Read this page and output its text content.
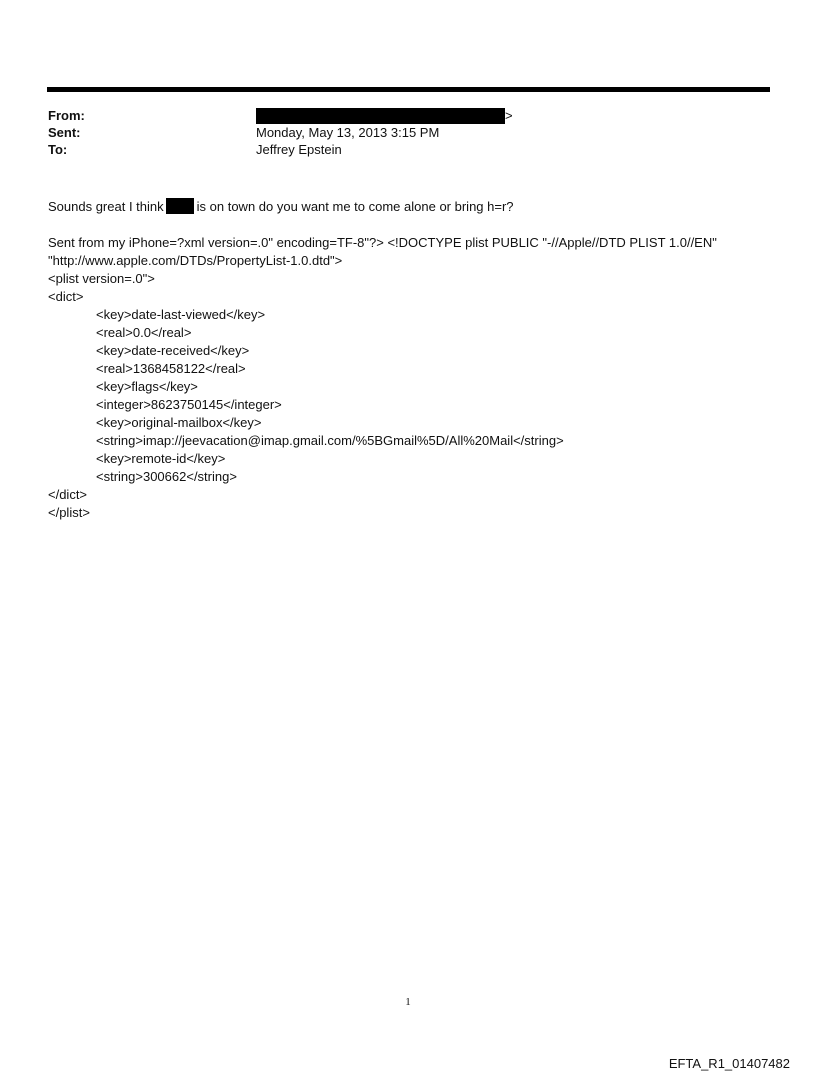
From:	>
Sent:	Monday, May 13, 2013 3:15 PM
To:	Jeffrey Epstein

Sounds great I think	is on town do you want me to come alone or bring h=r?

Sent from my iPhone=?xml version=.0" encoding=TF-8"?> <!DOCTYPE plist PUBLIC "-//Apple//DTD PLIST 1.0//EN"

"http://www.apple.com/DTDs/PropertyList-1.0.dtd">

<plist version=.0">

<dict>

<key>date-last-viewed</key>

<real>0.0</real>

<key>date-received</key>

<real>1368458122</real>

<key>flags</key>

<integer>8623750145</integer>

<key>original-mailbox</key>

<string>imap://jeevacation@imap.gmail.com/%5BGmail%5D/All%20Mail</string>

<key>remote-id</key>

<string>300662</string>

</dict>

</plist>

1
EFTA_R1_01407482
